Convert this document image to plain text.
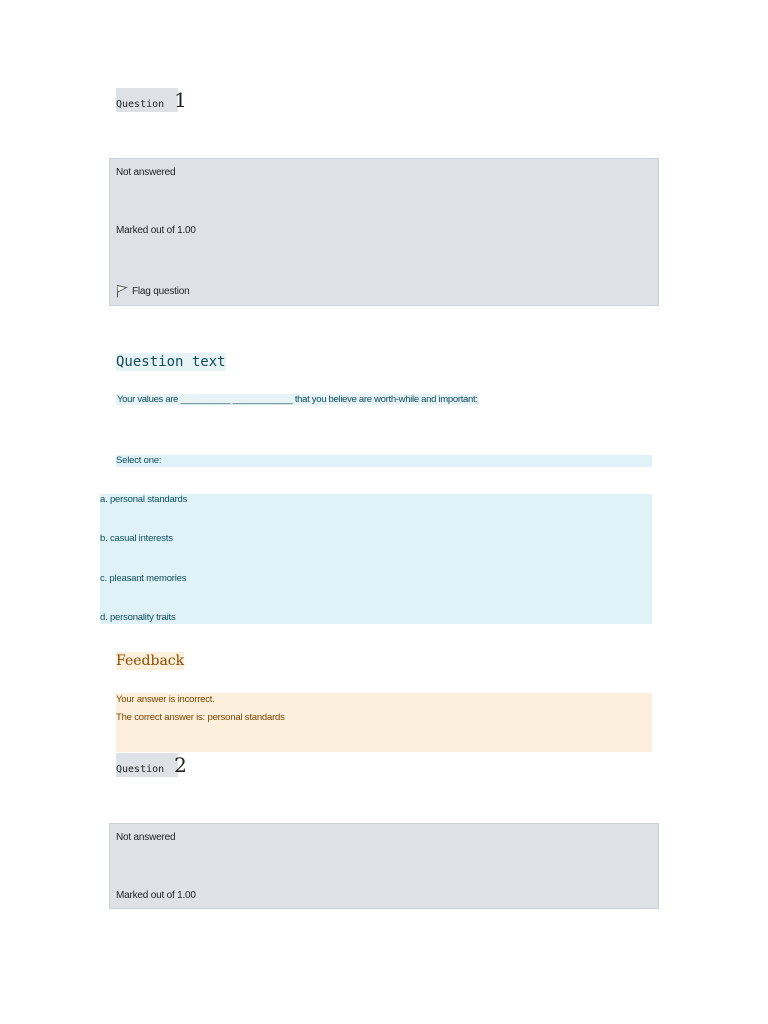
Question 1
Not answered
Marked out of 1.00
Flag question
Question text
Your values are __________ ____________ that you believe are worth-while and important:
Select one:
a. personal standards
b. casual interests
c. pleasant memories
d. personality traits
Feedback
Your answer is incorrect.
The correct answer is: personal standards
Question 2
Not answered
Marked out of 1.00
